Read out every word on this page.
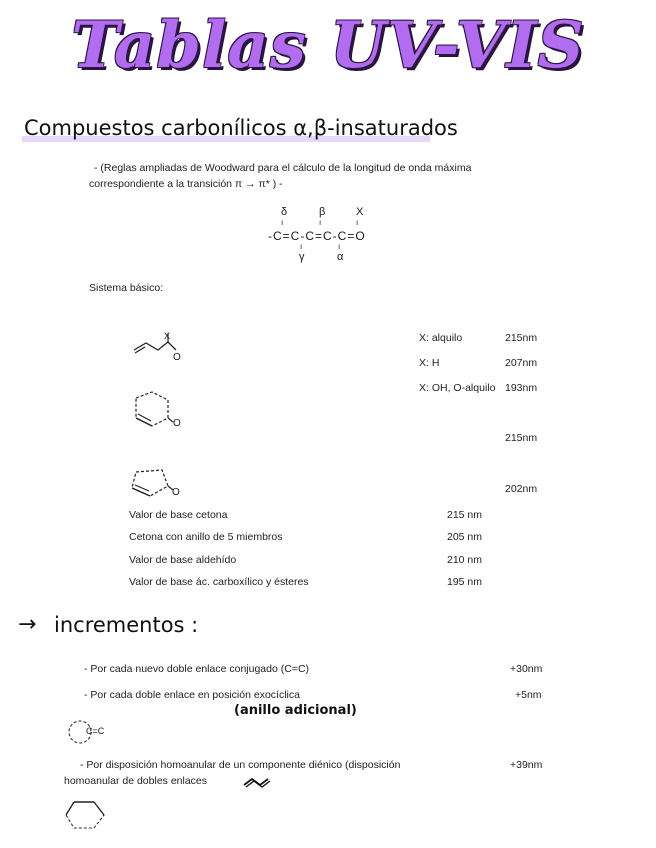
Tablas UV-VIS
Compuestos carbonílicos α,β-insaturados
- (Reglas ampliadas de Woodward para el cálculo de la longitud de onda máxima
correspondiente a la transición π → π* ) -
δ	β	X
ı	ı	ı
-C=C-C=C-C=O
ı	ı
γ	α
Sistema básico:
X
O
O
O
X: alquilo	215nm
X: H	207nm
X: OH, O-alquilo 193nm
215nm
202nm
Valor de base cetona	215 nm
Cetona con anillo de 5 miembros	205 nm
Valor de base aldehído	210 nm
Valor de base ác. carboxílico y ésteres	195 nm
→ incrementos :
- Por cada nuevo doble enlace conjugado (C=C)	+30nm
- Por cada doble enlace en posición exocíclica	+5nm
(anillo adicional)
C=C
- Por disposición homoanular de un componente diénico (disposición
homoanular de dobles enlaces
+39nm
